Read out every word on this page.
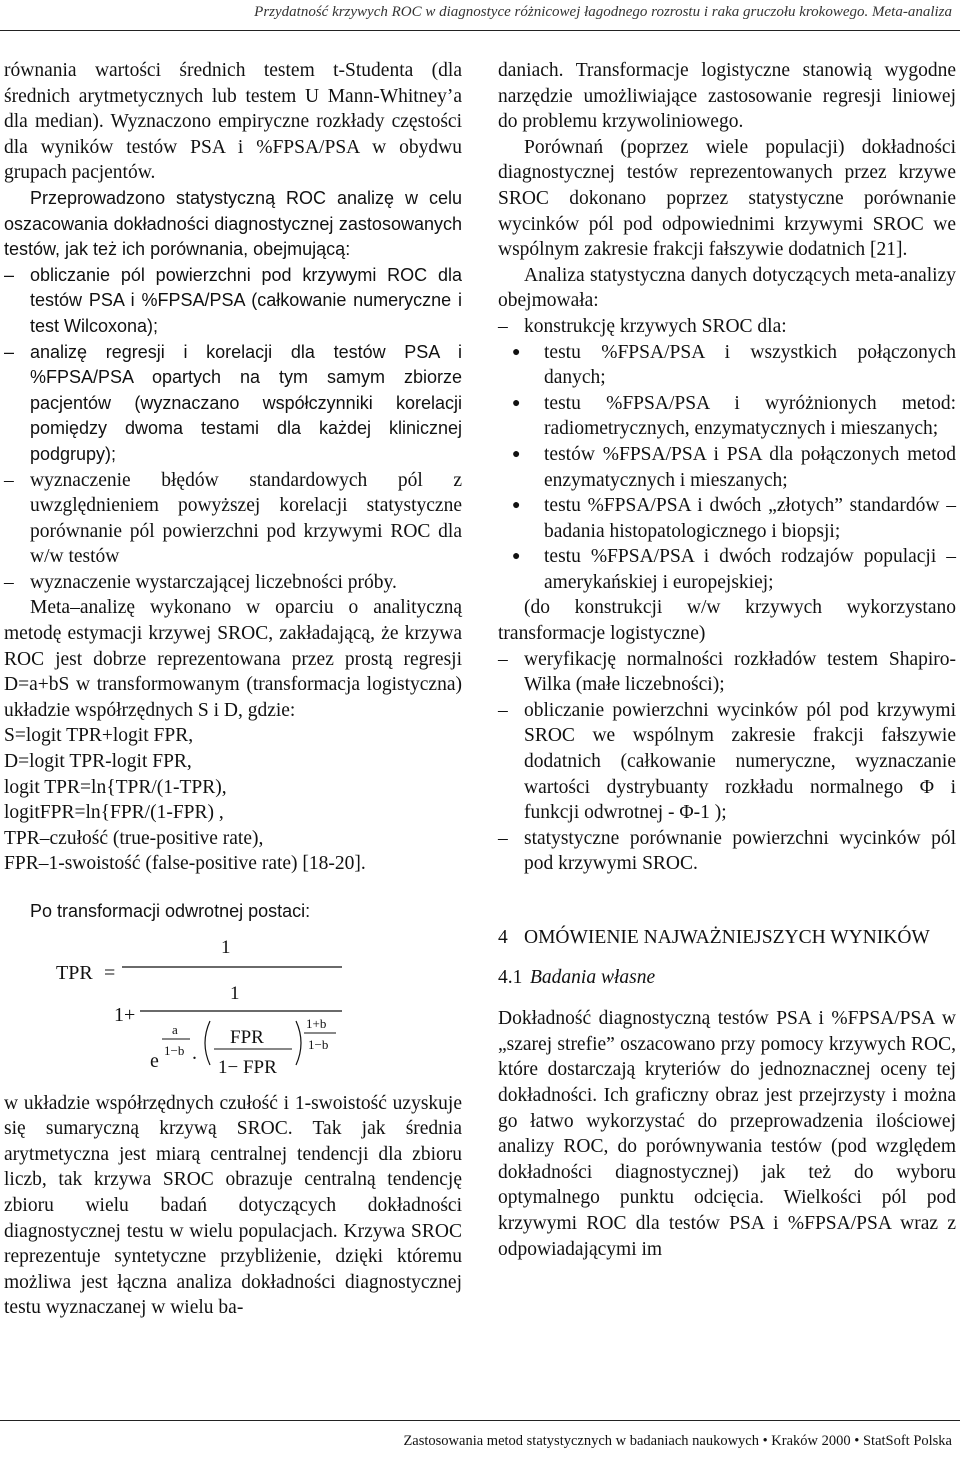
Przydatność krzywych ROC w diagnostyce różnicowej łagodnego rozrostu i raka gruczołu krokowego. Meta-analiza

równania wartości średnich testem t-Studenta (dla średnich arytmetycznych lub testem U Mann-Whitney’a dla median). Wyznaczono empiryczne rozkłady częstości dla wyników testów PSA i %FPSA/PSA w obydwu grupach pacjentów.

Przeprowadzono statystyczną ROC analizę w celu oszacowania dokładności diagnostycznej zastosowanych testów, jak też ich porównania, obejmującą:

– obliczanie pól powierzchni pod krzywymi ROC dla testów PSA i %FPSA/PSA (całkowanie numeryczne i test Wilcoxona);
– analizę regresji i korelacji dla testów PSA i %FPSA/PSA opartych na tym samym zbiorze pacjentów (wyznaczano współczynniki korelacji pomiędzy dwoma testami dla każdej klinicznej podgrupy);
– wyznaczenie błędów standardowych pól z uwzględnieniem powyższej korelacji statystyczne porównanie pól powierzchni pod krzywymi ROC dla w/w testów
– wyznaczenie wystarczającej liczebności próby.

Meta–analizę wykonano w oparciu o analityczną metodę estymacji krzywej SROC, zakładającą, że krzywa ROC jest dobrze reprezentowana przez prostą regresji D=a+bS w transformowanym (transformacja logistyczna) układzie współrzędnych S i D, gdzie:

S=logit TPR+logit FPR,

D=logit TPR-logit FPR,

logit TPR=ln{TPR/(1-TPR),

logitFPR=ln{FPR/(1-FPR) ,

TPR–czułość (true-positive rate),

FPR–1-swoistość (false-positive rate) [18-20].

Po transformacji odwrotnej postaci:

TPR =
1
1+
1
a
1−b
e .
FPR
1− FPR
1+b
1−b

w układzie współrzędnych czułość i 1-swoistość uzyskuje się sumaryczną krzywą SROC. Tak jak średnia arytmetyczna jest miarą centralnej tendencji dla zbioru liczb, tak krzywa SROC obrazuje centralną tendencję zbioru wielu badań dotyczących dokładności diagnostycznej testu w wielu populacjach. Krzywa SROC reprezentuje syntetyczne przybliżenie, dzięki któremu możliwa jest łączna analiza dokładności diagnostycznej testu wyznaczanej w wielu ba-

daniach. Transformacje logistyczne stanowią wygodne narzędzie umożliwiające zastosowanie regresji liniowej do problemu krzywoliniowego.

Porównań (poprzez wiele populacji) dokładności diagnostycznej testów reprezentowanych przez krzywe SROC dokonano poprzez statystyczne porównanie wycinków pól pod odpowiednimi krzywymi SROC we wspólnym zakresie frakcji fałszywie dodatnich [21].

Analiza statystyczna danych dotyczących meta-analizy obejmowała:

– konstrukcję krzywych SROC dla:
●	testu %FPSA/PSA i wszystkich połączonych danych;
●	testu %FPSA/PSA i wyróżnionych metod: radiometrycznych, enzymatycznych i mieszanych;
●	testów %FPSA/PSA i PSA dla połączonych metod enzymatycznych i mieszanych;
●	testu %FPSA/PSA i dwóch „złotych” standardów – badania histopatologicznego i biopsji;
●	testu %FPSA/PSA i dwóch rodzajów populacji – amerykańskiej i europejskiej;

(do konstrukcji w/w krzywych wykorzystano transformacje logistyczne)

– weryfikację normalności rozkładów testem Shapiro-Wilka (małe liczebności);
– obliczanie powierzchni wycinków pól pod krzywymi SROC we wspólnym zakresie frakcji fałszywie dodatnich (całkowanie numeryczne, wyznaczanie wartości dystrybuanty rozkładu normalnego Φ i funkcji odwrotnej - Φ-1 );
– statystyczne porównanie powierzchni wycinków pól pod krzywymi SROC.
4 OMÓWIENIE NAJWAŻNIEJSZYCH WYNIKÓW
4.1 Badania własne

Dokładność diagnostyczną testów PSA i %FPSA/PSA w „szarej strefie” oszacowano przy pomocy krzywych ROC, które dostarczają kryteriów do jednoznacznej oceny tej dokładności. Ich graficzny obraz jest przejrzysty i można go łatwo wykorzystać do przeprowadzenia ilościowej analizy ROC, do porównywania testów (pod względem dokładności diagnostycznej) jak też do wyboru optymalnego punktu odcięcia. Wielkości pól pod krzywymi ROC dla testów PSA i %FPSA/PSA wraz z odpowiadającymi im

Zastosowania metod statystycznych w badaniach naukowych • Kraków 2000 • StatSoft Polska
